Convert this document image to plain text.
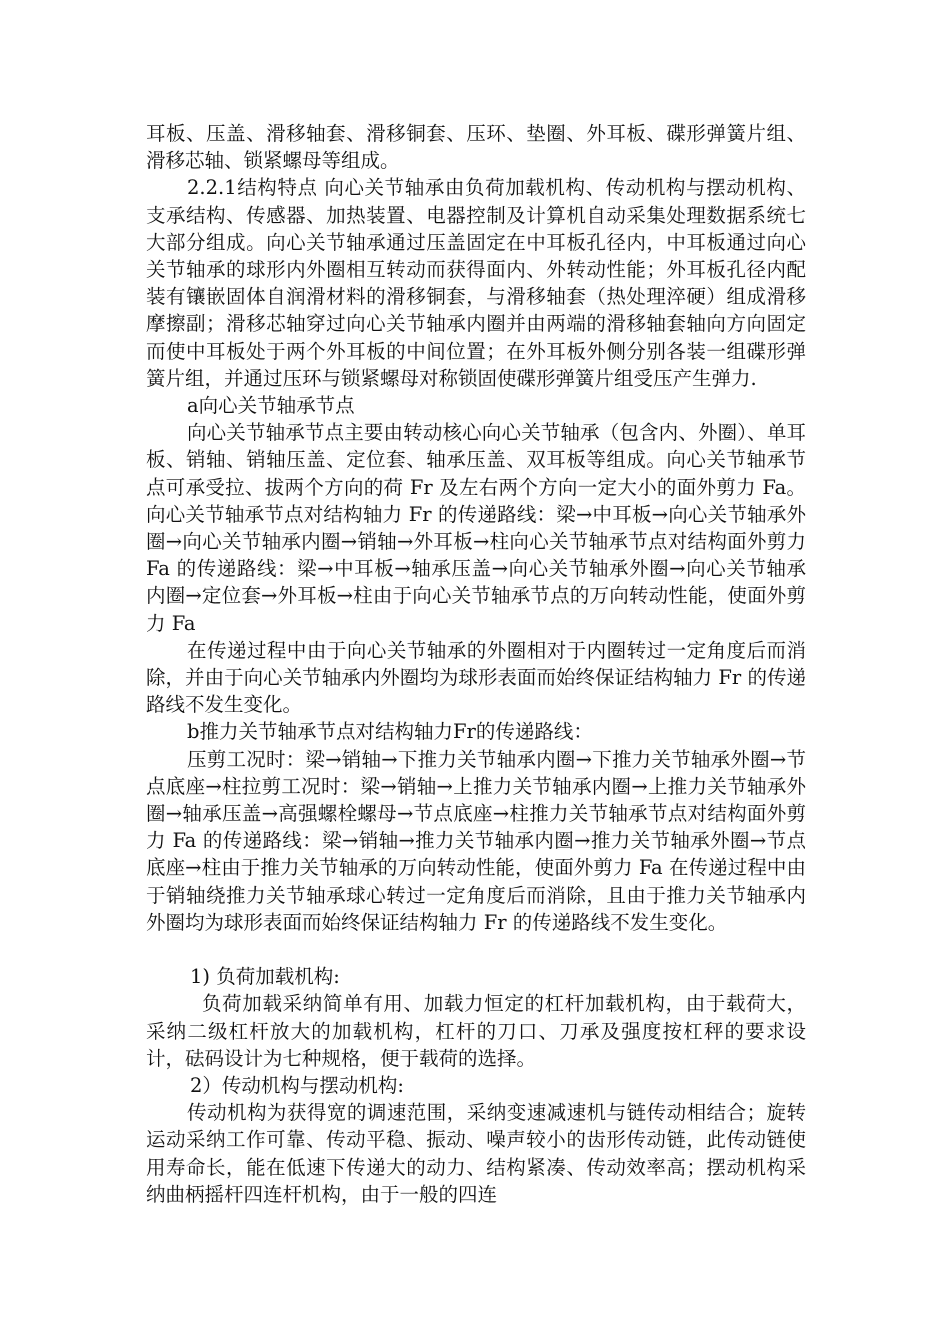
耳板、压盖、滑移轴套、滑移铜套、压环、垫圈、外耳板、碟形弹簧片组、滑移芯轴、锁紧螺母等组成。

2.2.1结构特点 向心关节轴承由负荷加载机构、传动机构与摆动机构、支承结构、传感器、加热装置、电器控制及计算机自动采集处理数据系统七大部分组成。向心关节轴承通过压盖固定在中耳板孔径内，中耳板通过向心关节轴承的球形内外圈相互转动而获得面内、外转动性能；外耳板孔径内配装有镶嵌固体自润滑材料的滑移铜套，与滑移轴套（热处理淬硬）组成滑移摩擦副；滑移芯轴穿过向心关节轴承内圈并由两端的滑移轴套轴向方向固定而使中耳板处于两个外耳板的中间位置；在外耳板外侧分别各装一组碟形弹簧片组，并通过压环与锁紧螺母对称锁固使碟形弹簧片组受压产生弹力.

a向心关节轴承节点

向心关节轴承节点主要由转动核心向心关节轴承（包含内、外圈）、单耳板、销轴、销轴压盖、定位套、轴承压盖、双耳板等组成。向心关节轴承节点可承受拉、拔两个方向的荷 Fr 及左右两个方向一定大小的面外剪力 Fa。向心关节轴承节点对结构轴力 Fr 的传递路线：梁→中耳板→向心关节轴承外圈→向心关节轴承内圈→销轴→外耳板→柱向心关节轴承节点对结构面外剪力 Fa 的传递路线：梁→中耳板→轴承压盖→向心关节轴承外圈→向心关节轴承内圈→定位套→外耳板→柱由于向心关节轴承节点的万向转动性能，使面外剪力 Fa

在传递过程中由于向心关节轴承的外圈相对于内圈转过一定角度后而消除，并由于向心关节轴承内外圈均为球形表面而始终保证结构轴力 Fr 的传递路线不发生变化。

b推力关节轴承节点对结构轴力Fr的传递路线：

压剪工况时：梁→销轴→下推力关节轴承内圈→下推力关节轴承外圈→节点底座→柱拉剪工况时：梁→销轴→上推力关节轴承内圈→上推力关节轴承外圈→轴承压盖→高强螺栓螺母→节点底座→柱推力关节轴承节点对结构面外剪力 Fa 的传递路线：梁→销轴→推力关节轴承内圈→推力关节轴承外圈→节点底座→柱由于推力关节轴承的万向转动性能，使面外剪力 Fa 在传递过程中由于销轴绕推力关节轴承球心转过一定角度后而消除，且由于推力关节轴承内外圈均为球形表面而始终保证结构轴力 Fr 的传递路线不发生变化。

1) 负荷加载机构:

负荷加载采纳简单有用、加载力恒定的杠杆加载机构，由于载荷大，采纳二级杠杆放大的加载机构，杠杆的刀口、刀承及强度按杠秤的要求设计，砝码设计为七种规格，便于载荷的选择。

2）传动机构与摆动机构:

传动机构为获得宽的调速范围，采纳变速减速机与链传动相结合；旋转运动采纳工作可靠、传动平稳、振动、噪声较小的齿形传动链，此传动链使用寿命长，能在低速下传递大的动力、结构紧凑、传动效率高；摆动机构采纳曲柄摇杆四连杆机构，由于一般的四连
